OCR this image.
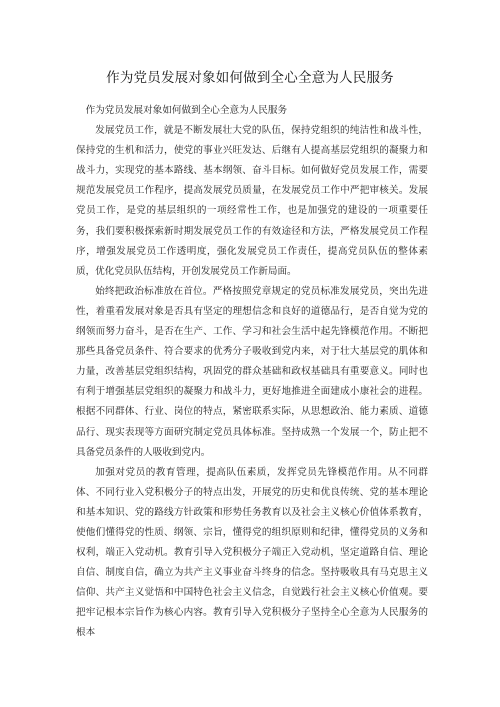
作为党员发展对象如何做到全心全意为人民服务

作为党员发展对象如何做到全心全意为人民服务

发展党员工作，就是不断发展壮大党的队伍，保持党组织的纯洁性和战斗性，保持党的生机和活力，使党的事业兴旺发达、后继有人提高基层党组织的凝聚力和战斗力，实现党的基本路线、基本纲领、奋斗目标。如何做好党员发展工作，需要规范发展党员工作程序，提高发展党员质量，在发展党员工作中严把审核关。发展党员工作，是党的基层组织的一项经常性工作，也是加强党的建设的一项重要任务，我们要积极探索新时期发展党员工作的有效途径和方法，严格发展党员工作程序，增强发展党员工作透明度，强化发展党员工作责任，提高党员队伍的整体素质，优化党员队伍结构，开创发展党员工作新局面。

始终把政治标准放在首位。严格按照党章规定的党员标准发展党员，突出先进性，着重看发展对象是否具有坚定的理想信念和良好的道德品行，是否自觉为党的纲领而努力奋斗，是否在生产、工作、学习和社会生活中起先锋模范作用。不断把那些具备党员条件、符合要求的优秀分子吸收到党内来，对于壮大基层党的肌体和力量，改善基层党组织结构，巩固党的群众基础和政权基础具有重要意义。同时也有利于增强基层党组织的凝聚力和战斗力，更好地推进全面建成小康社会的进程。根据不同群体、行业、岗位的特点，紧密联系实际，从思想政治、能力素质、道德品行、现实表现等方面研究制定党员具体标准。坚持成熟一个发展一个，防止把不具备党员条件的人吸收到党内。

加强对党员的教育管理，提高队伍素质，发挥党员先锋模范作用。从不同群体、不同行业入党积极分子的特点出发，开展党的历史和优良传统、党的基本理论和基本知识、党的路线方针政策和形势任务教育以及社会主义核心价值体系教育，使他们懂得党的性质、纲领、宗旨，懂得党的组织原则和纪律，懂得党员的义务和权利，端正入党动机。教育引导入党积极分子端正入党动机，坚定道路自信、理论自信、制度自信，确立为共产主义事业奋斗终身的信念。坚持吸收具有马克思主义信仰、共产主义觉悟和中国特色社会主义信念，自觉践行社会主义核心价值观。要把牢记根本宗旨作为核心内容。教育引导入党积极分子坚持全心全意为人民服务的根本
